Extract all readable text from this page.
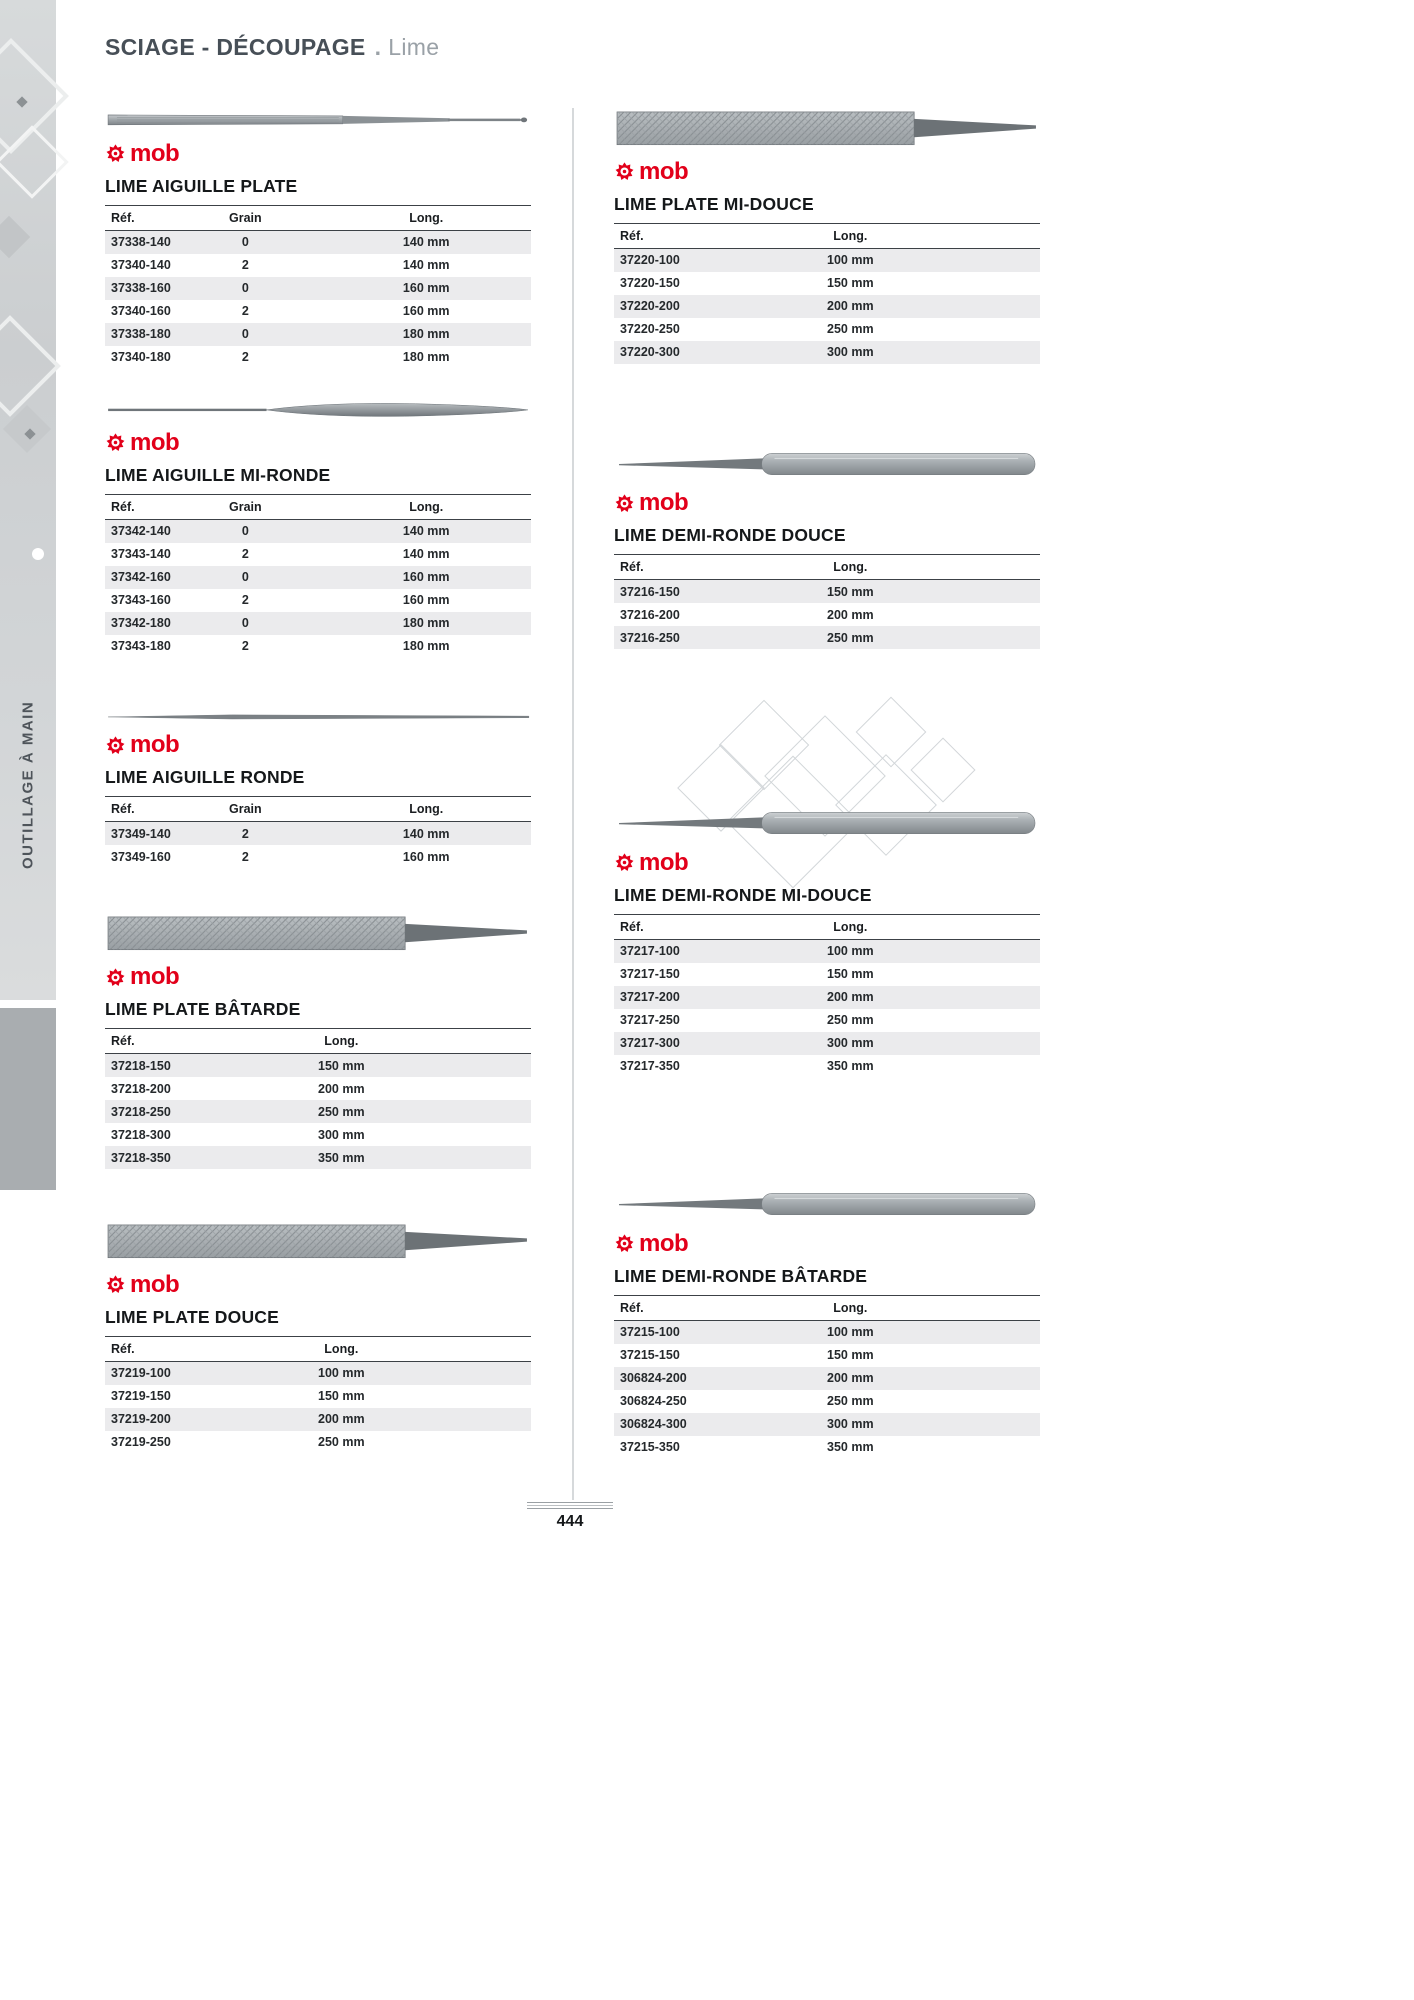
OUTILLAGE À MAIN
SCIAGE - DÉCOUPAGE . Lime
mob
LIME AIGUILLE PLATE
Réf.	Grain	Long.
37338-140	0	140 mm
37340-140	2	140 mm
37338-160	0	160 mm
37340-160	2	160 mm
37338-180	0	180 mm
37340-180	2	180 mm
mob
LIME AIGUILLE MI-RONDE
Réf.	Grain	Long.
37342-140	0	140 mm
37343-140	2	140 mm
37342-160	0	160 mm
37343-160	2	160 mm
37342-180	0	180 mm
37343-180	2	180 mm
mob
LIME AIGUILLE RONDE
Réf.	Grain	Long.
37349-140	2	140 mm
37349-160	2	160 mm
mob
LIME PLATE BÂTARDE
Réf.	Long.
37218-150	150 mm
37218-200	200 mm
37218-250	250 mm
37218-300	300 mm
37218-350	350 mm
mob
LIME PLATE DOUCE
Réf.	Long.
37219-100	100 mm
37219-150	150 mm
37219-200	200 mm
37219-250	250 mm
mob
LIME PLATE MI-DOUCE
Réf.	Long.
37220-100	100 mm
37220-150	150 mm
37220-200	200 mm
37220-250	250 mm
37220-300	300 mm
mob
LIME DEMI-RONDE DOUCE
Réf.	Long.
37216-150	150 mm
37216-200	200 mm
37216-250	250 mm
mob
LIME DEMI-RONDE MI-DOUCE
Réf.	Long.
37217-100	100 mm
37217-150	150 mm
37217-200	200 mm
37217-250	250 mm
37217-300	300 mm
37217-350	350 mm
mob
LIME DEMI-RONDE BÂTARDE
Réf.	Long.
37215-100	100 mm
37215-150	150 mm
306824-200	200 mm
306824-250	250 mm
306824-300	300 mm
37215-350	350 mm
444
